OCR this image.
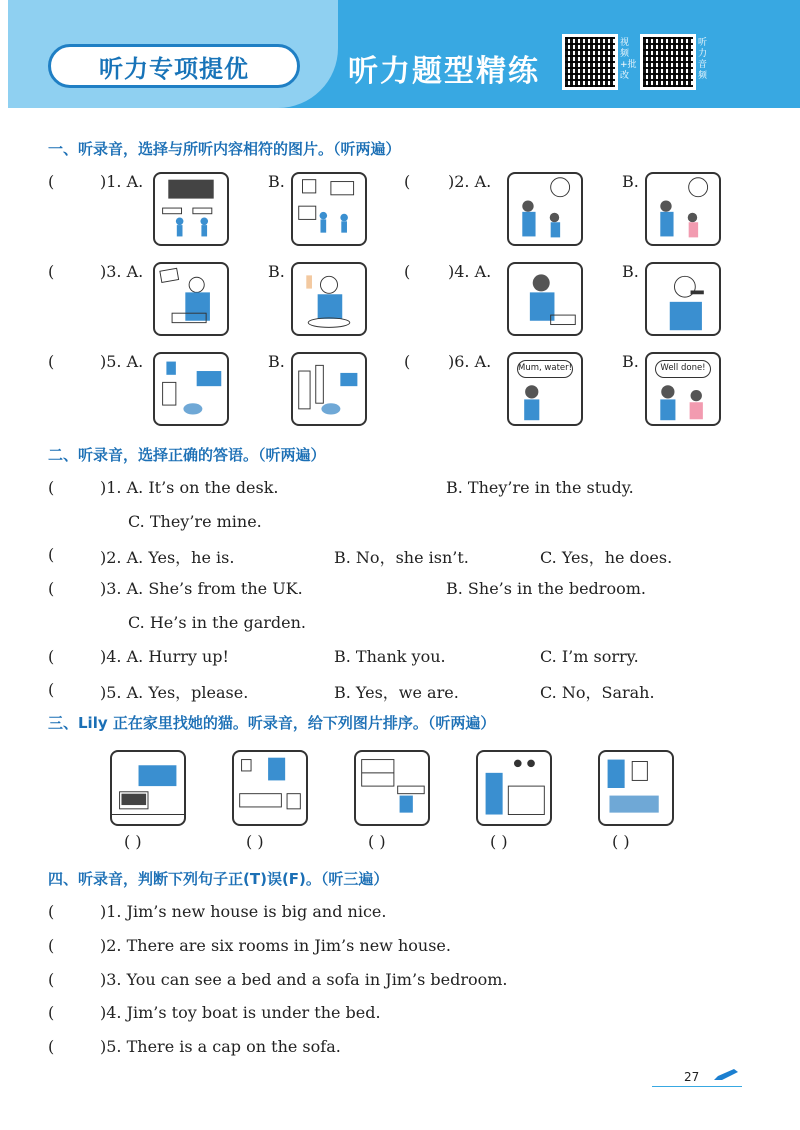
听力专项提优	听力题型精练
视频+批改
听力音频
一、听录音，选择与所听内容相符的图片。（听两遍）
(	)1. A.	B.	( )2. A.	B.
(	)3. A.	B.	( )4. A.	B.
(	)5. A.	B.	( )6. A.	Mum, water!	B.	Well done!
二、听录音，选择正确的答语。（听两遍）
(	)1. A. It’s on the desk.	B. They’re in the study.
C. They’re mine.
(	)2. A. Yes，he is.	B. No，she isn’t.	C. Yes，he does.
(	)3. A. She’s from the UK.	B. She’s in the bedroom.
C. He’s in the garden.
(	)4. A. Hurry up!	B. Thank you.	C. I’m sorry.
(	)5. A. Yes，please.	B. Yes，we are.	C. No，Sarah.
三、Lily 正在家里找她的猫。听录音，给下列图片排序。（听两遍）
( )	( )	( )	( )	( )
四、听录音，判断下列句子正(T)误(F)。（听三遍）
(	)1. Jim’s new house is big and nice.
(	)2. There are six rooms in Jim’s new house.
(	)3. You can see a bed and a sofa in Jim’s bedroom.
(	)4. Jim’s toy boat is under the bed.
(	)5. There is a cap on the sofa.
27
